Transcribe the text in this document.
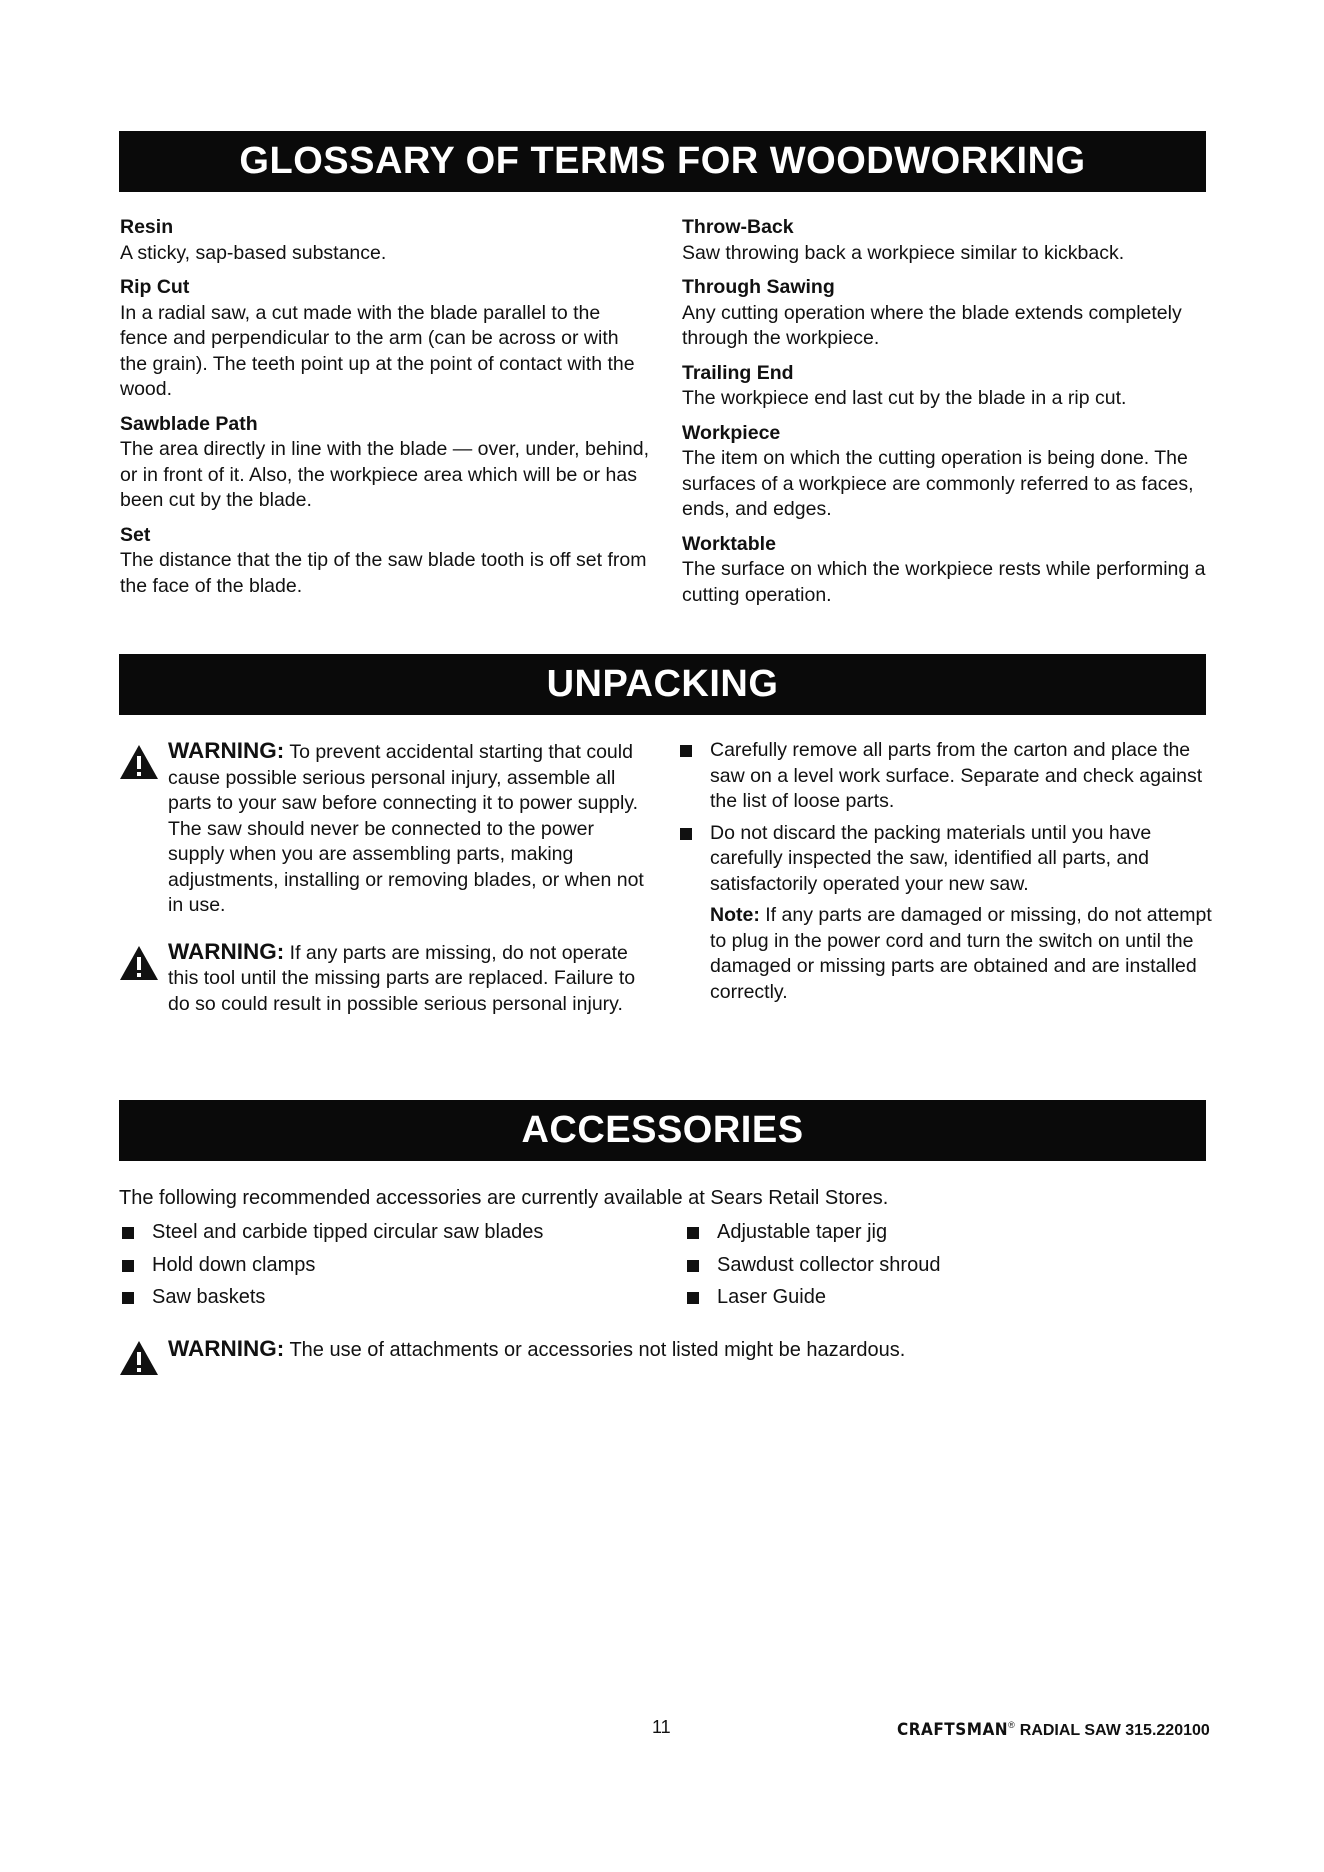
GLOSSARY OF TERMS FOR WOODWORKING
Resin
A sticky, sap-based substance.
Rip Cut
In a radial saw, a cut made with the blade parallel to the fence and perpendicular to the arm (can be across or with the grain). The teeth point up at the point of contact with the wood.
Sawblade Path
The area directly in line with the blade — over, under, behind, or in front of it. Also, the workpiece area which will be or has been cut by the blade.
Set
The distance that the tip of the saw blade tooth is off set from the face of the blade.
Throw-Back
Saw throwing back a workpiece similar to kickback.
Through Sawing
Any cutting operation where the blade extends completely through the workpiece.
Trailing End
The workpiece end last cut by the blade in a rip cut.
Workpiece
The item on which the cutting operation is being done. The surfaces of a workpiece are commonly referred to as faces, ends, and edges.
Worktable
The surface on which the workpiece rests while performing a cutting operation.
UNPACKING
WARNING: To prevent accidental starting that could cause possible serious personal injury, assemble all parts to your saw before connecting it to power supply. The saw should never be connected to the power supply when you are assembling parts, making adjustments, installing or removing blades, or when not in use.
WARNING: If any parts are missing, do not operate this tool until the missing parts are replaced. Failure to do so could result in possible serious personal injury.
Carefully remove all parts from the carton and place the saw on a level work surface. Separate and check against the list of loose parts.
Do not discard the packing materials until you have carefully inspected the saw, identified all parts, and satisfactorily operated your new saw.
Note: If any parts are damaged or missing, do not attempt to plug in the power cord and turn the switch on until the damaged or missing parts are obtained and are installed correctly.
ACCESSORIES
The following recommended accessories are currently available at Sears Retail Stores.
Steel and carbide tipped circular saw blades
Hold down clamps
Saw baskets
Adjustable taper jig
Sawdust collector shroud
Laser Guide
WARNING: The use of attachments or accessories not listed might be hazardous.
11	CRAFTSMAN® RADIAL SAW 315.220100
